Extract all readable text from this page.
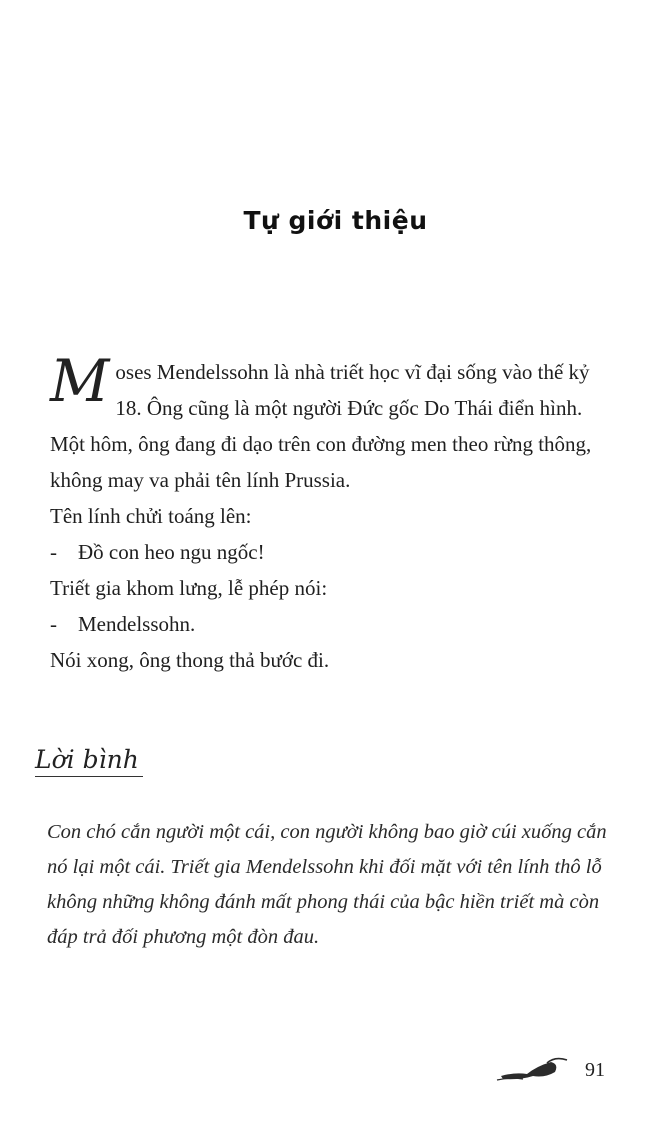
Tự giới thiệu

Moses Mendelssohn là nhà triết học vĩ đại sống vào thế kỷ 18. Ông cũng là một người Đức gốc Do Thái điển hình.

Một hôm, ông đang đi dạo trên con đường men theo rừng thông, không may va phải tên lính Prussia.

Tên lính chửi toáng lên:

-	Đồ con heo ngu ngốc!

Triết gia khom lưng, lễ phép nói:

-	Mendelssohn.

Nói xong, ông thong thả bước đi.

Lời bình
Con chó cắn người một cái, con người không bao giờ cúi xuống cắn nó lại một cái. Triết gia Mendelssohn khi đối mặt với tên lính thô lỗ không những không đánh mất phong thái của bậc hiền triết mà còn đáp trả đối phương một đòn đau.
91
